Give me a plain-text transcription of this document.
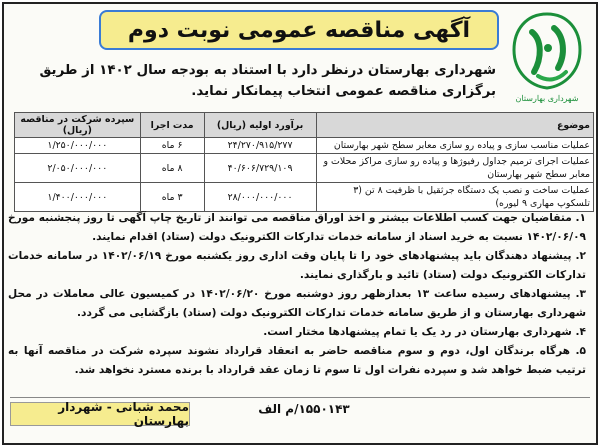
شهرداری بهارستان
آگهی مناقصه عمومی نوبت دوم
شهرداری بهارستان درنظر دارد با استناد به بودجه سال ۱۴۰۲ از طریق برگزاری مناقصه عمومی انتخاب پیمانکار نماید.
موضوع	برآورد اولیه (ریال)	مدت اجرا	سپرده شرکت در مناقصه (ریال)
عملیات مناسب سازی و پیاده رو سازی معابر سطح شهر بهارستان	۲۴/۲۷۰/۹۱۵/۲۷۷	۶ ماه	۱/۲۵۰/۰۰۰/۰۰۰
عملیات اجرای ترمیم جداول رفیوژها و پیاده رو سازی مراکز محلات و معابر سطح شهر بهارستان	۴۰/۶۰۶/۷۲۹/۱۰۹	۸ ماه	۲/۰۵۰/۰۰۰/۰۰۰
عملیات ساخت و نصب یک دستگاه جرثقیل با ظرفیت ۸ تن (۳ تلسکوپ مهاری ۹ لیوره)	۲۸/۰۰۰/۰۰۰/۰۰۰	۳ ماه	۱/۴۰۰/۰۰۰/۰۰۰

۱. متقاضیان جهت کسب اطلاعات بیشتر و اخذ اوراق مناقصه می توانند از تاریخ چاپ آگهی تا روز پنجشنبه مورخ ۱۴۰۲/۰۶/۰۹ نسبت به خرید اسناد از سامانه خدمات تدارکات الکترونیک دولت (ستاد) اقدام نمایند.

۲. پیشنهاد دهندگان باید پیشنهادهای خود را تا پایان وقت اداری روز یکشنبه مورخ ۱۴۰۲/۰۶/۱۹ در سامانه خدمات تدارکات الکترونیک دولت (ستاد) تائید و بارگذاری نمایند.

۳. پیشنهادهای رسیده ساعت ۱۳ بعدازظهر روز دوشنبه مورخ ۱۴۰۲/۰۶/۲۰ در کمیسیون عالی معاملات در محل شهرداری بهارستان و از طریق سامانه خدمات تدارکات الکترونیک دولت (ستاد) بازگشایی می گردد.

۴. شهرداری بهارستان در رد یک یا تمام پیشنهادها مختار است.

۵. هرگاه برندگان اول، دوم و سوم مناقصه حاضر به انعقاد قرارداد نشوند سپرده شرکت در مناقصه آنها به ترتیب ضبط خواهد شد و سپرده نفرات اول تا سوم تا زمان عقد قرارداد با برنده مسترد نخواهد شد.

۱۵۵۰۱۴۳/م الف
محمد شبانی - شهردار بهارستان
